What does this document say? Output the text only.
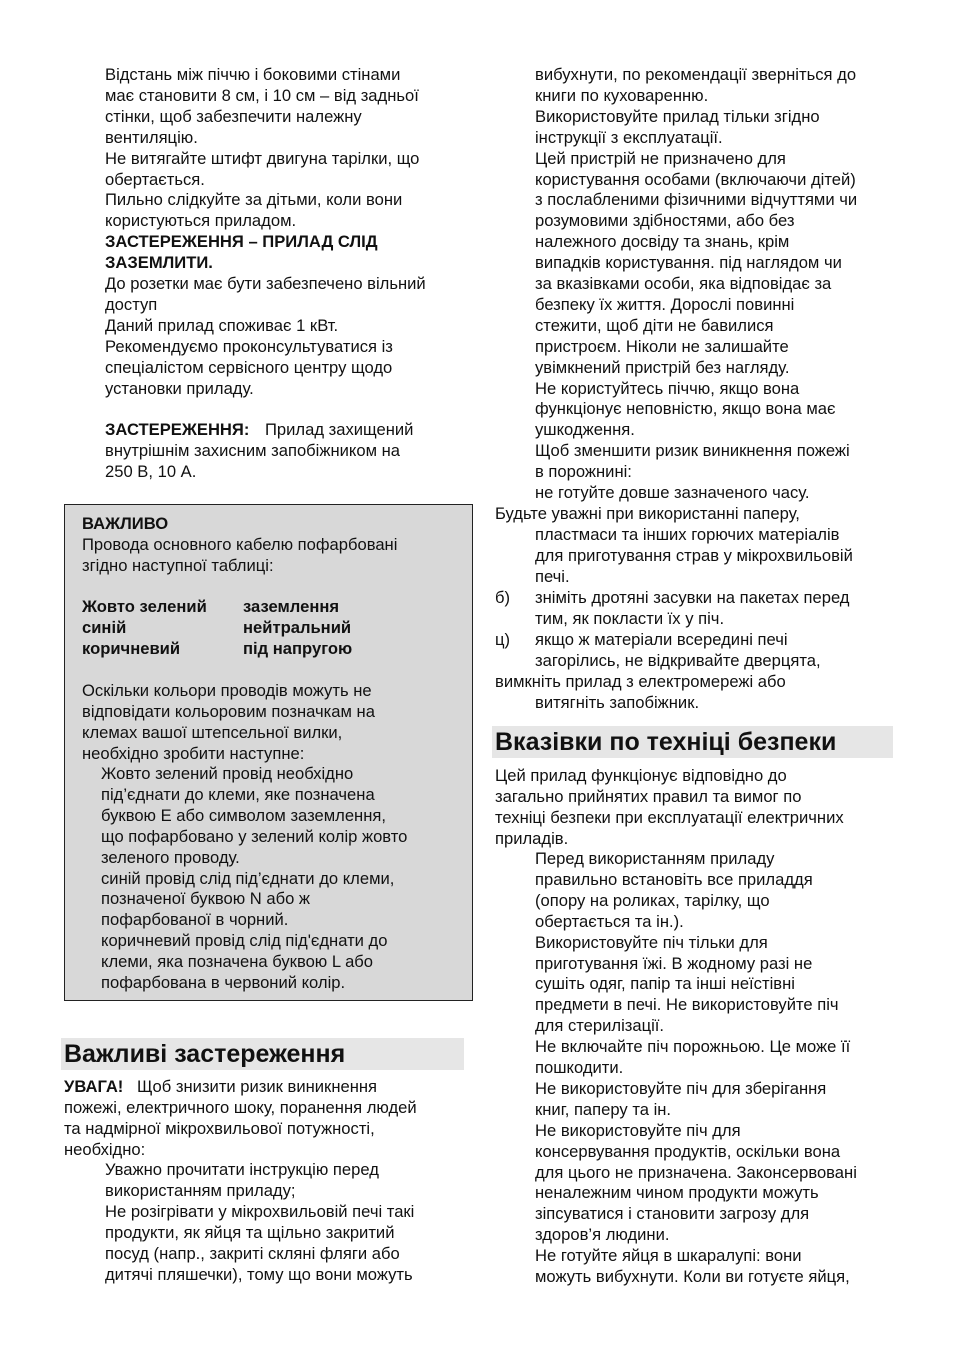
Відстань між піччю і боковими стінами
має становити 8 см, і 10 см – від задньої
стінки, щоб забезпечити належну
вентиляцію.
Не витягайте штифт двигуна тарілки, що
обертається.
Пильно слідкуйте за дітьми, коли вони
користуються приладом.
ЗАСТЕРЕЖЕННЯ – ПРИЛАД СЛІД
ЗАЗЕМЛИТИ.
До розетки має бути забезпечено вільний
доступ
Даний прилад споживає 1 кВт.
Рекомендуємо проконсультуватися із
спеціалістом сервісного центру щодо
установки приладу.
ЗАСТЕРЕЖЕННЯ: Прилад захищений
внутрішнім захисним запобіжником на
250 В, 10 А.
ВАЖЛИВО
Провода основного кабелю пофарбовані
згідно наступної таблиці:
Жовто зелений заземлення
синій	нейтральний
коричневий	під напругою
Оскільки кольори проводів можуть не
відповідати кольоровим позначкам на
клемах вашої штепсельної вилки,
необхідно зробити наступне:
Жовто зелений провід необхідно
під’єднати до клеми, яке позначена
буквою Е або символом заземлення,
що пофарбовано у зелений колір жовто
зеленого проводу.
синій провід слід під’єднати до клеми,
позначеної буквою N або ж
пофарбованої в чорний.
коричневий провід слід під'єднати до
клеми, яка позначена буквою L або
пофарбована в червоний колір.
Важливі застереження
УВАГА! Щоб знизити ризик виникнення
пожежі, електричного шоку, поранення людей
та надмірної мікрохвильової потужності,
необхідно:
Уважно прочитати інструкцію перед
використанням приладу;
Не розігрівати у мікрохвильовій печі такі
продукти, як яйця та щільно закритий
посуд (напр., закриті скляні фляги або
дитячі пляшечки), тому що вони можуть
вибухнути, по рекомендації зверніться до
книги по куховаренню.
Використовуйте прилад тільки згідно
інструкції з експлуатації.
Цей пристрій не призначено для
користування особами (включаючи дітей)
з послабленими фізичними відчуттями чи
розумовими здібностями, або без
належного досвіду та знань, крім
випадків користування. під наглядом чи
за вказівками особи, яка відповідає за
безпеку їх життя. Дорослі повинні
стежити, щоб діти не бавилися
пристроєм. Ніколи не залишайте
увімкнений пристрій без нагляду.
Не користуйтесь піччю, якщо вона
функціонує неповністю, якщо вона має
ушкодження.
Щоб зменшити ризик виникнення пожежі
в порожнині:
не готуйте довше зазначеного часу.
Будьте уважні при використанні паперу,
пластмаси та інших горючих матеріалів
для приготування страв у мікрохвильовій
печі.
б) зніміть дротяні засувки на пакетах перед
тим, як покласти їх у піч.
ц) якщо ж матеріали всередині печі
загорілись, не відкривайте дверцята,
вимкніть прилад з електромережі або
витягніть запобіжник.
Вказівки по техніці безпеки
Цей прилад функціонує відповідно до
загально прийнятих правил та вимог по
техніці безпеки при експлуатації електричних
приладів.
Перед використанням приладу
правильно встановіть все приладдя
(опору на роликах, тарілку, що
обертається та ін.).
Використовуйте піч тільки для
приготування їжі. В жодному разі не
сушіть одяг, папір та інші неїстівні
предмети в печі. Не використовуйте піч
для стерилізації.
Не включайте піч порожньою. Це може її
пошкодити.
Не використовуйте піч для зберігання
книг, паперу та ін.
Не використовуйте піч для
консервування продуктів, оскільки вона
для цього не призначена. Законсервовані
неналежним чином продукти можуть
зіпсуватися і становити загрозу для
здоров’я людини.
Не готуйте яйця в шкаралупі: вони
можуть вибухнути. Коли ви готуєте яйця,
